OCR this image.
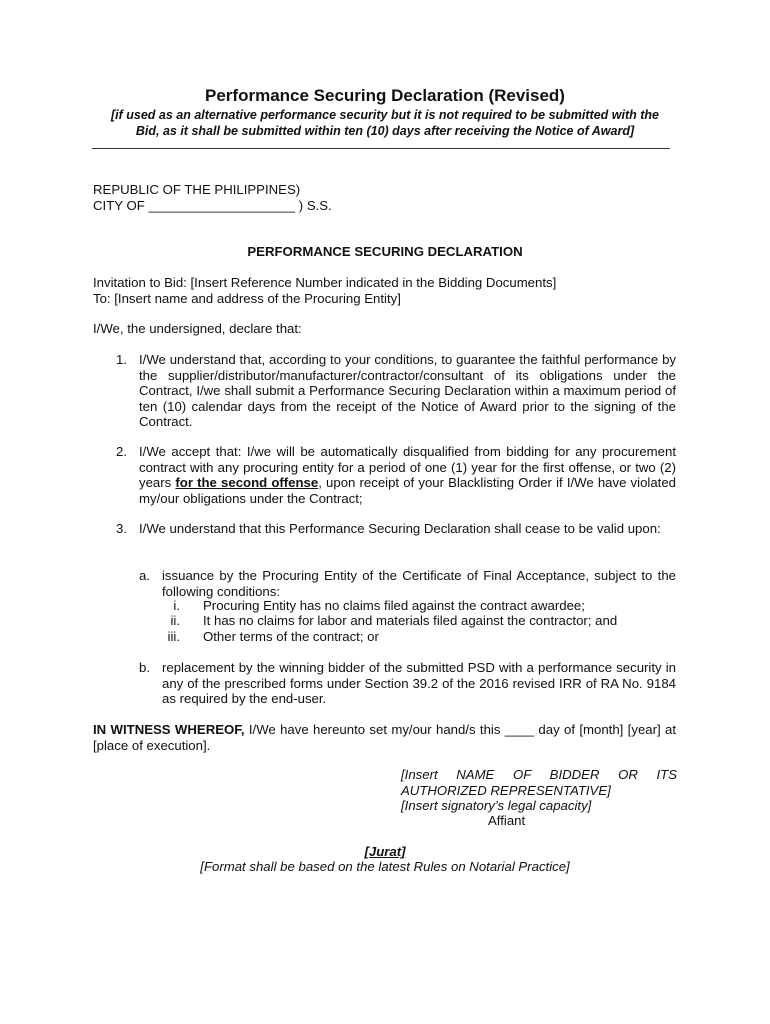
Performance Securing Declaration (Revised)
[if used as an alternative performance security but it is not required to be submitted with the
Bid, as it shall be submitted within ten (10) days after receiving the Notice of Award]
REPUBLIC OF THE PHILIPPINES)
CITY OF ____________________ ) S.S.
PERFORMANCE SECURING DECLARATION
Invitation to Bid: [Insert Reference Number indicated in the Bidding Documents]
To: [Insert name and address of the Procuring Entity]
I/We, the undersigned, declare that:
1. I/We understand that, according to your conditions, to guarantee the faithful performance by the supplier/distributor/manufacturer/contractor/consultant of its obligations under the Contract, I/we shall submit a Performance Securing Declaration within a maximum period of ten (10) calendar days from the receipt of the Notice of Award prior to the signing of the Contract.
2. I/We accept that: I/we will be automatically disqualified from bidding for any procurement contract with any procuring entity for a period of one (1) year for the first offense, or two (2) years for the second offense, upon receipt of your Blacklisting Order if I/We have violated my/our obligations under the Contract;
3. I/We understand that this Performance Securing Declaration shall cease to be valid upon:
a. issuance by the Procuring Entity of the Certificate of Final Acceptance, subject to the following conditions:
i. Procuring Entity has no claims filed against the contract awardee;
ii. It has no claims for labor and materials filed against the contractor; and
iii. Other terms of the contract; or
b. replacement by the winning bidder of the submitted PSD with a performance security in any of the prescribed forms under Section 39.2 of the 2016 revised IRR of RA No. 9184 as required by the end-user.
IN WITNESS WHEREOF, I/We have hereunto set my/our hand/s this ____ day of [month] [year] at [place of execution].
[Insert NAME OF BIDDER OR ITS AUTHORIZED REPRESENTATIVE]
[Insert signatory’s legal capacity]
Affiant
[Jurat]
[Format shall be based on the latest Rules on Notarial Practice]
